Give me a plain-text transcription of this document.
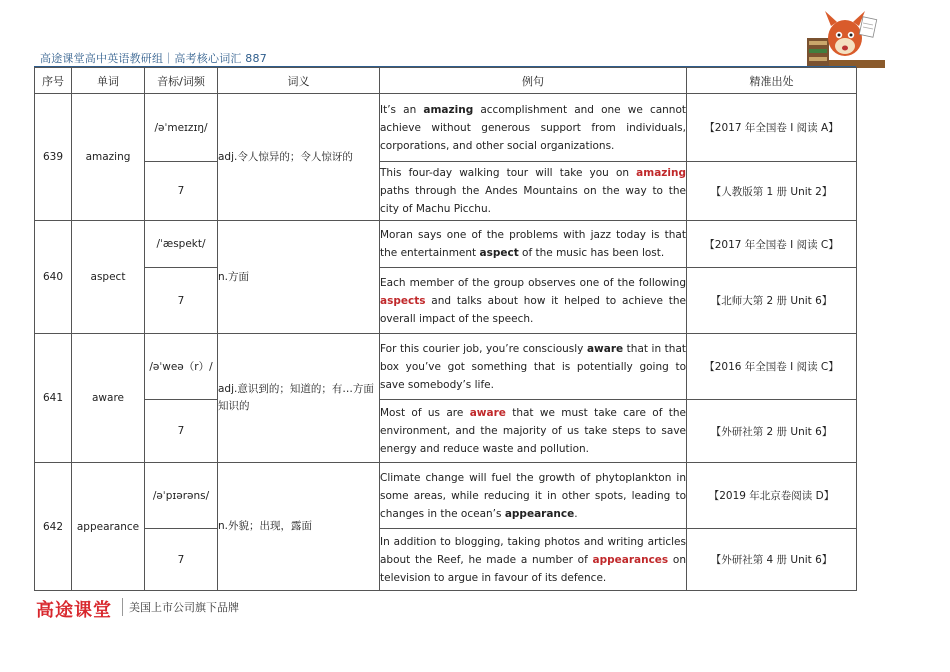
高途课堂高中英语教研组｜高考核心词汇 887
序号	单词	音标/词频	词义	例句	精准出处
639	amazing	/əˈmeɪzɪŋ/	adj.令人惊异的；令人惊讶的	It’s an amazing accomplishment and one we cannot achieve without generous support from individuals, corporations, and other social organizations.	【2017 年全国卷 I 阅读 A】
		7		This four-day walking tour will take you on amazing paths through the Andes Mountains on the way to the city of Machu Picchu.	【人教版第 1 册 Unit 2】
640	aspect	/ˈæspekt/	n.方面	Moran says one of the problems with jazz today is that the entertainment aspect of the music has been lost.	【2017 年全国卷 I 阅读 C】
		7		Each member of the group observes one of the following aspects and talks about how it helped to achieve the overall impact of the speech.	【北师大第 2 册 Unit 6】
641	aware	/əˈweə（r）/	adj.意识到的；知道的；有…方面知识的	For this courier job, you’re consciously aware that in that box you’ve got something that is potentially going to save somebody’s life.	【2016 年全国卷 I 阅读 C】
		7		Most of us are aware that we must take care of the environment, and the majority of us take steps to save energy and reduce waste and pollution.	【外研社第 2 册 Unit 6】
642	appearance	/əˈpɪərəns/	n.外貌；出现，露面	Climate change will fuel the growth of phytoplankton in some areas, while reducing it in other spots, leading to changes in the ocean’s appearance.	【2019 年北京卷阅读 D】
		7		In addition to blogging, taking photos and writing articles about the Reef, he made a number of appearances on television to argue in favour of its defence.	【外研社第 4 册 Unit 6】
高途课堂 美国上市公司旗下品牌
